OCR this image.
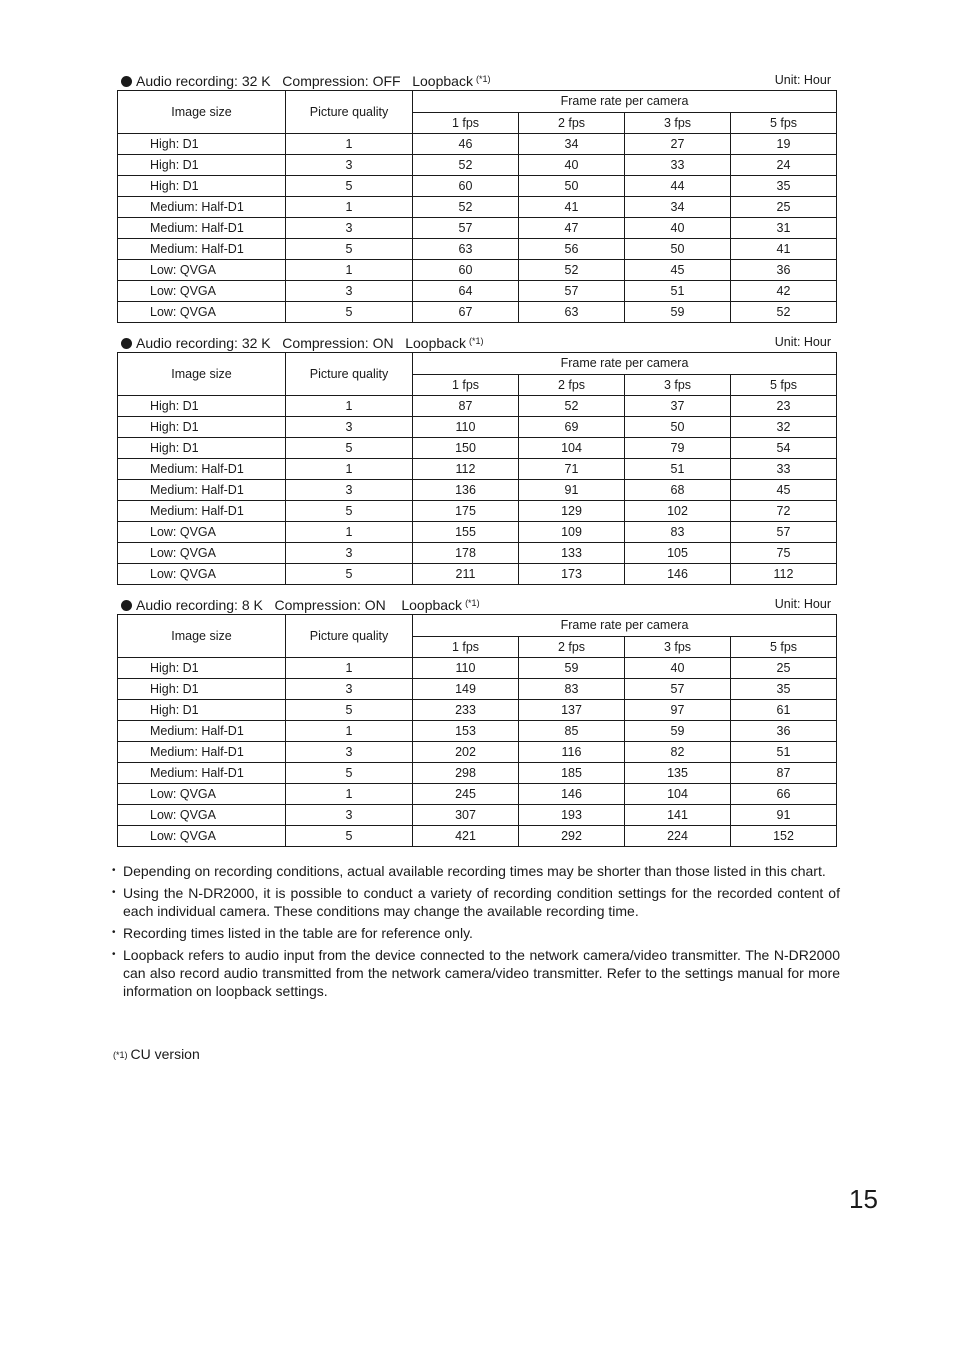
Audio recording: 32 K   Compression: OFF   Loopback $^{(*1)}$	Unit: Hour
Image size	Picture quality	Frame rate per camera			
		1 fps	2 fps	3 fps	5 fps
High: D1	1	46	34	27	19
High: D1	3	52	40	33	24
High: D1	5	60	50	44	35
Medium: Half-D1	1	52	41	34	25
Medium: Half-D1	3	57	47	40	31
Medium: Half-D1	5	63	56	50	41
Low: QVGA	1	60	52	45	36
Low: QVGA	3	64	57	51	42
Low: QVGA	5	67	63	59	52
Audio recording: 32 K   Compression: ON   Loopback $^{(*1)}$	Unit: Hour
Image size	Picture quality	Frame rate per camera			
		1 fps	2 fps	3 fps	5 fps
High: D1	1	87	52	37	23
High: D1	3	110	69	50	32
High: D1	5	150	104	79	54
Medium: Half-D1	1	112	71	51	33
Medium: Half-D1	3	136	91	68	45
Medium: Half-D1	5	175	129	102	72
Low: QVGA	1	155	109	83	57
Low: QVGA	3	178	133	105	75
Low: QVGA	5	211	173	146	112
Audio recording: 8 K   Compression: ON    Loopback $^{(*1)}$	Unit: Hour
Image size	Picture quality	Frame rate per camera			
		1 fps	2 fps	3 fps	5 fps
High: D1	1	110	59	40	25
High: D1	3	149	83	57	35
High: D1	5	233	137	97	61
Medium: Half-D1	1	153	85	59	36
Medium: Half-D1	3	202	116	82	51
Medium: Half-D1	5	298	185	135	87
Low: QVGA	1	245	146	104	66
Low: QVGA	3	307	193	141	91
Low: QVGA	5	421	292	224	152
• Depending on recording conditions, actual available recording times may be shorter than those listed in this chart.
• Using the N-DR2000, it is possible to conduct a variety of recording condition settings for the recorded content of each individual camera. These conditions may change the available recording time.
• Recording times listed in the table are for reference only.
• Loopback refers to audio input from the device connected to the network camera/video transmitter. The N-DR2000 can also record audio transmitted from the network camera/video transmitter. Refer to the settings manual for more information on loopback settings.
(*1) CU version
15
